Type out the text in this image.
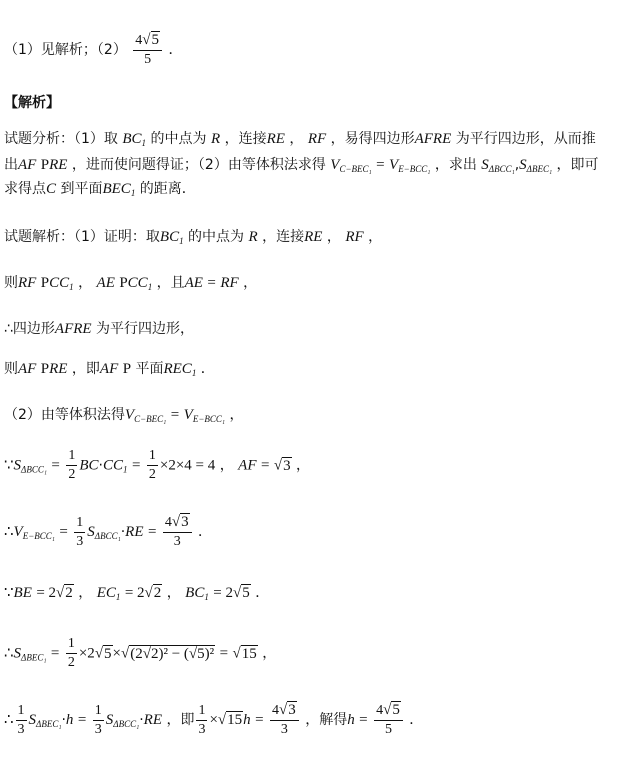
（1）见解析；$(2) \frac{4√5}{5}$ ．
【解析】
试题分析：（1）取 $BC_1$ 的中点为 R ，连接RE ， RF ，易得四边形AFRE 为平行四边形，从而推
出AF PRE ，进而使问题得证；（2）由等体积法求得 $V_{C-BEC_1} = V_{E-BCC_1}$ ，求出 $S_{\Delta BCC_1},S_{\Delta BEC_1}$ ，即可
求得点C 到平面$BEC_1$ 的距离．
试题解析：（1）证明：取$BC_1$ 的中点为 R ，连接RE ， RF ，
则RF $PCC_1$ ， AE $PCC_1$ ，且AE = RF ，
∴四边形AFRE 为平行四边形，
则AF PRE ，即AF P 平面$REC_1$ ．
（2）由等体积法得$V_{C-BEC_1} = V_{E-BCC_1}$ ，
$\because S_{\Delta BCC_1} = \frac{1}{2} BC\cdot CC_1 = \frac{1}{2} \times 2\times 4 = 4$ ， AF = √3 ，
$\therefore V_{E-BCC_1} = \frac{1}{3} S_{\Delta BCC_1}\cdot RE = \frac{4√3}{3}$ ．
∵BE = 2√2 ， $EC_1 = 2√2$ ， $BC_1 = 2√5$ ．
$\therefore S_{\Delta BEC_1} = \frac{1}{2} \times 2√5\times√(2√2)^2 - (√5)^2 = √15$ ，
∴ $\frac{1}{3} S_{\Delta BEC_1}\cdot h = \frac{1}{3} S_{\Delta BCC_1}\cdot RE$ ，即 $\frac{1}{3} \times√15h = \frac{4√3}{3}$ ，解得$h = \frac{4√5}{5}$ ．
